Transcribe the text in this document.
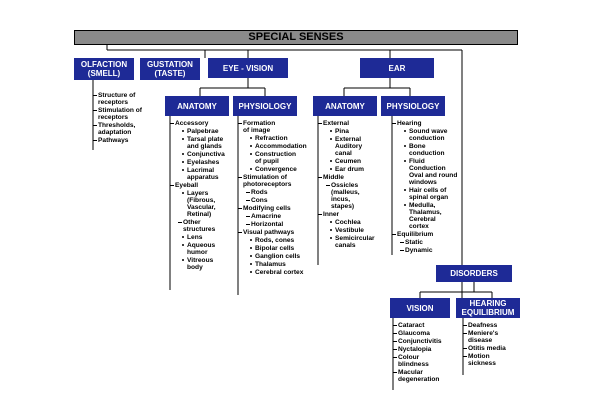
SPECIAL SENSES
OLFACTION
(SMELL)
GUSTATION
(TASTE)
EYE - VISION	EAR
ANATOMY	PHYSIOLOGY	ANATOMY	PHYSIOLOGY
DISORDERS
VISION	HEARING
EQUILIBRIUM
Structure of
receptors
Stimulation of
receptors
Thresholds,
adaptation
Pathways
Accessory
Palpebrae
Tarsal plate
and glands
Conjunctiva
Eyelashes
Lacrimal
apparatus
Eyeball
Layers
(Fibrous,
Vascular,
Retinal)
Other
structures
Lens
Aqueous
humor
Vitreous
body
Formation
of image
Refraction
Accommodation
Construction
of pupil
Convergence
Stimulation of
photoreceptors
Rods
Cons
Modifying cells
Amacrine
Horizontal
Visual pathways
Rods, cones
Bipolar cells
Ganglion cells
Thalamus
Cerebral cortex
External
Pina
External
Auditory
canal
Ceumen
Ear drum
Middle
Ossicles
(malleus,
incus,
stapes)
Inner
Cochlea
Vestibule
Semicircular
canals
Hearing
Sound wave
conduction
Bone
conduction
Fluid
Conduction
Oval and round
windows
Hair cells of
spinal organ
Medulla,
Thalamus,
Cerebral
cortex
Equilibrium
Static
Dynamic
Cataract
Glaucoma
Conjunctivitis
Nyctalopia
Colour
blindness
Macular
degeneration
Deafness
Meniere's
disease
Otitis media
Motion
sickness
